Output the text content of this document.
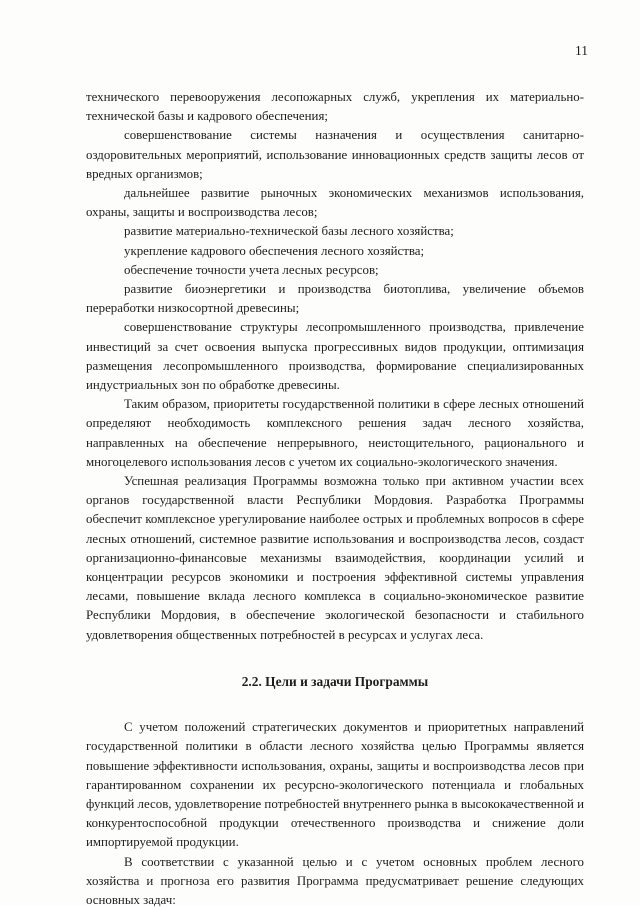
11

технического перевооружения лесопожарных служб, укрепления их материально-технической базы и кадрового обеспечения;

совершенствование системы назначения и осуществления санитарно-оздоровительных мероприятий, использование инновационных средств защиты лесов от вредных организмов;

дальнейшее развитие рыночных экономических механизмов использования, охраны, защиты и воспроизводства лесов;

развитие материально-технической базы лесного хозяйства;

укрепление кадрового обеспечения лесного хозяйства;

обеспечение точности учета лесных ресурсов;

развитие биоэнергетики и производства биотоплива, увеличение объемов переработки низкосортной древесины;

совершенствование структуры лесопромышленного производства, привлечение инвестиций за счет освоения выпуска прогрессивных видов продукции, оптимизация размещения лесопромышленного производства, формирование специализированных индустриальных зон по обработке древесины.

Таким образом, приоритеты государственной политики в сфере лесных отношений определяют необходимость комплексного решения задач лесного хозяйства, направленных на обеспечение непрерывного, неистощительного, рационального и многоцелевого использования лесов с учетом их социально-экологического значения.

Успешная реализация Программы возможна только при активном участии всех органов государственной власти Республики Мордовия. Разработка Программы обеспечит комплексное урегулирование наиболее острых и проблемных вопросов в сфере лесных отношений, системное развитие использования и воспроизводства лесов, создаст организационно-финансовые механизмы взаимодействия, координации усилий и концентрации ресурсов экономики и построения эффективной системы управления лесами, повышение вклада лесного комплекса в социально-экономическое развитие Республики Мордовия, в обеспечение экологической безопасности и стабильного удовлетворения общественных потребностей в ресурсах и услугах леса.

2.2. Цели и задачи Программы

С учетом положений стратегических документов и приоритетных направлений государственной политики в области лесного хозяйства целью Программы является повышение эффективности использования, охраны, защиты и воспроизводства лесов при гарантированном сохранении их ресурсно-экологического потенциала и глобальных функций лесов, удовлетворение потребностей внутреннего рынка в высококачественной и конкурентоспособной продукции отечественного производства и снижение доли импортируемой продукции.

В соответствии с указанной целью и с учетом основных проблем лесного хозяйства и прогноза его развития Программа предусматривает решение следующих основных задач:
